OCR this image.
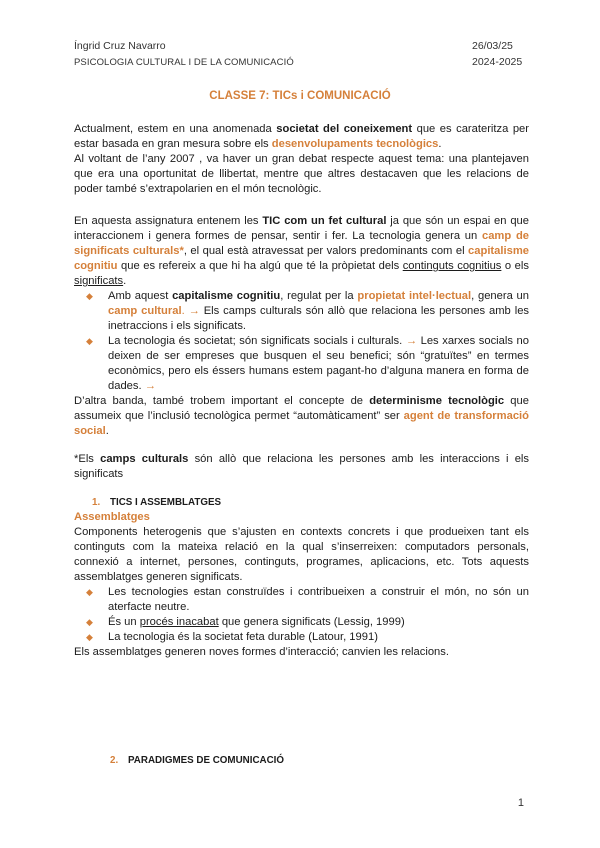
Íngrid Cruz Navarro
PSICOLOGIA CULTURAL I DE LA COMUNICACIÓ
26/03/25
2024-2025
CLASSE 7: TICs i COMUNICACIÓ

Actualment, estem en una anomenada societat del coneixement que es carateritza per estar basada en gran mesura sobre els desenvolupaments tecnològics.

Al voltant de l’any 2007 , va haver un gran debat respecte aquest tema: una plantejaven que era una oportunitat de llibertat, mentre que altres destacaven que les relacions de poder també s’extrapolarien en el món tecnològic.

En aquesta assignatura entenem les TIC com un fet cultural ja que són un espai en que interaccionem i genera formes de pensar, sentir i fer. La tecnologia genera un camp de significats culturals*, el qual està atravessat per valors predominants com el capitalisme cognitiu que es refereix a que hi ha algú que té la pròpietat dels continguts cognitius o els significats.

◆ Amb aquest capitalisme cognitiu, regulat per la propietat intel·lectual, genera un camp cultural. → Els camps culturals són allò que relaciona les persones amb les inetraccions i els significats.
◆ La tecnologia és societat; són significats socials i culturals. → Les xarxes socials no deixen de ser empreses que busquen el seu benefici; són “gratuïtes” en termes econòmics, pero els éssers humans estem pagant-ho d’alguna manera en forma de dades. →

D’altra banda, també trobem important el concepte de determinisme tecnològic que assumeix que l’inclusió tecnològica permet “automàticament” ser agent de transformació social.

*Els camps culturals són allò que relaciona les persones amb les interaccions i els significats

1.	TICS I ASSEMBLATGES
Assemblatges

Components heterogenis que s’ajusten en contexts concrets i que produeixen tant els continguts com la mateixa relació en la qual s’inserreixen: computadors personals, connexió a internet, persones, continguts, programes, aplicacions, etc. Tots aquests assemblatges generen significats.

◆ Les tecnologies estan construïdes i contribueixen a construir el món, no són un aterfacte neutre.
◆ És un procés inacabat que genera significats (Lessig, 1999)
◆ La tecnologia és la societat feta durable (Latour, 1991)

Els assemblatges generen noves formes d’interacció; canvien les relacions.

2.	PARADIGMES DE COMUNICACIÓ
1
